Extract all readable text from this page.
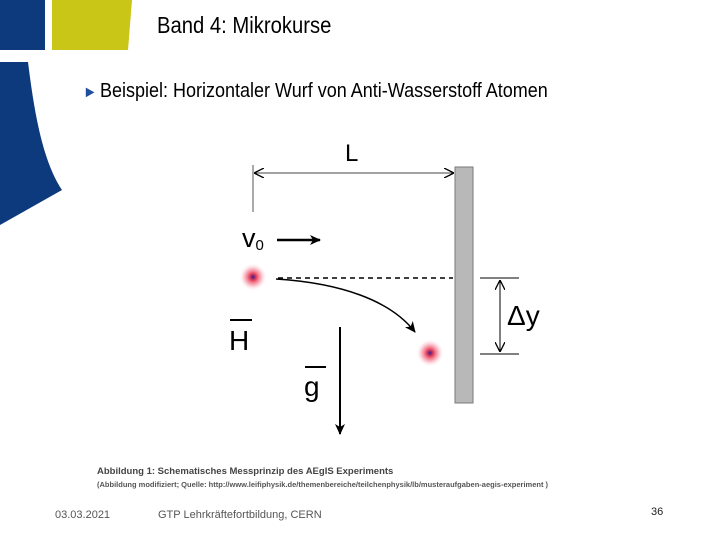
Band 4: Mikrokurse
► Beispiel: Horizontaler Wurf von Anti-Wasserstoff Atomen
L
v0
H
g
Δy
Abbildung 1: Schematisches Messprinzip des AEgIS Experiments
(Abbildung modifiziert; Quelle: http://www.leifiphysik.de/themenbereiche/teilchenphysik/lb/musteraufgaben-aegis-experiment )
03.03.2021	GTP Lehrkräftefortbildung, CERN	36
